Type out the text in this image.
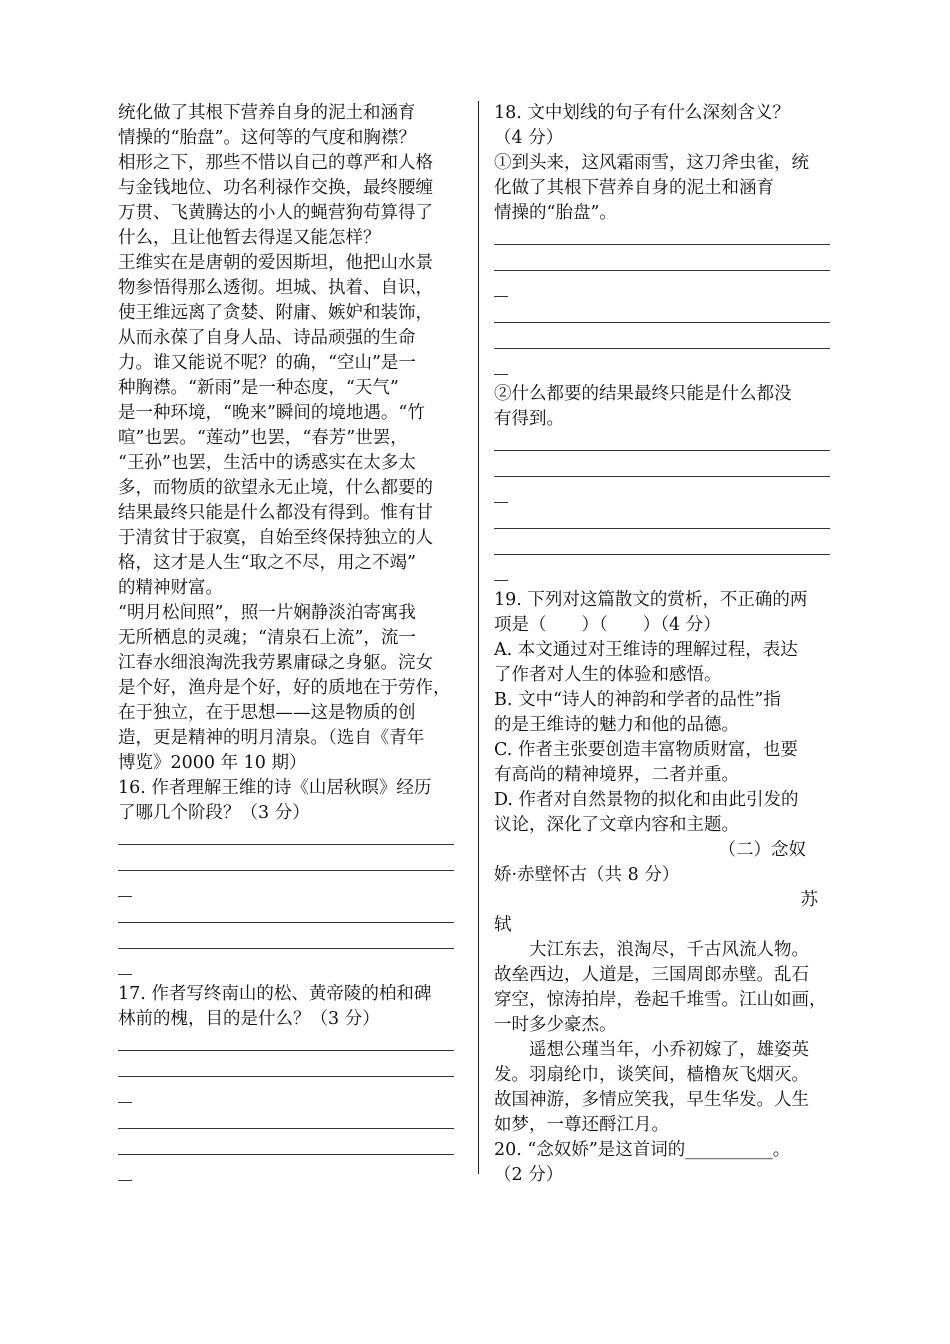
统化做了其根下营养自身的泥土和涵育
情操的“胎盘”。这何等的气度和胸襟？
相形之下，那些不惜以自己的尊严和人格
与金钱地位、功名利禄作交换，最终腰缠
万贯、飞黄腾达的小人的蝇营狗苟算得了
什么，且让他暂去得逞又能怎样？
王维实在是唐朝的爱因斯坦，他把山水景
物参悟得那么透彻。坦城、执着、自识，
使王维远离了贪婪、附庸、嫉妒和装饰，
从而永葆了自身人品、诗品顽强的生命
力。谁又能说不呢？的确，“空山”是一
种胸襟。“新雨”是一种态度，“天气”
是一种环境，“晚来”瞬间的境地遇。“竹
喧”也罢。“莲动”也罢，“春芳”世罢，
“王孙”也罢，生活中的诱惑实在太多太
多，而物质的欲望永无止境，什么都要的
结果最终只能是什么都没有得到。惟有甘
于清贫甘于寂寞，自始至终保持独立的人
格，这才是人生“取之不尽，用之不竭”
的精神财富。
“明月松间照”，照一片娴静淡泊寄寓我
无所栖息的灵魂；“清泉石上流”，流一
江春水细浪淘洗我劳累庸碌之身躯。浣女
是个好，渔舟是个好，好的质地在于劳作，
在于独立，在于思想——这是物质的创
造，更是精神的明月清泉。（选自《青年
博览》2000 年 10 期）
16. 作者理解王维的诗《山居秋暝》经历
了哪几个阶段？（3 分）
17. 作者写终南山的松、黄帝陵的柏和碑
林前的槐，目的是什么？（3 分）
18. 文中划线的句子有什么深刻含义？
（4 分）
①到头来，这风霜雨雪，这刀斧虫雀，统
化做了其根下营养自身的泥土和涵育
情操的“胎盘”。
②什么都要的结果最终只能是什么都没
有得到。
19. 下列对这篇散文的赏析，不正确的两
项是（　　）（　　）（4 分）
A. 本文通过对王维诗的理解过程，表达
了作者对人生的体验和感悟。
B. 文中“诗人的神韵和学者的品性”指
的是王维诗的魅力和他的品德。
C. 作者主张要创造丰富物质财富，也要
有高尚的精神境界，二者并重。
D. 作者对自然景物的拟化和由此引发的
议论，深化了文章内容和主题。
（二）念奴
娇·赤壁怀古（共 8 分）
苏
轼
大江东去，浪淘尽，千古风流人物。
故垒西边，人道是，三国周郎赤壁。乱石
穿空，惊涛拍岸，卷起千堆雪。江山如画，
一时多少豪杰。
遥想公瑾当年，小乔初嫁了，雄姿英
发。羽扇纶巾，谈笑间，樯橹灰飞烟灭。
故国神游，多情应笑我，早生华发。人生
如梦，一尊还酹江月。
20. “念奴娇”是这首词的__________。
（2 分）
